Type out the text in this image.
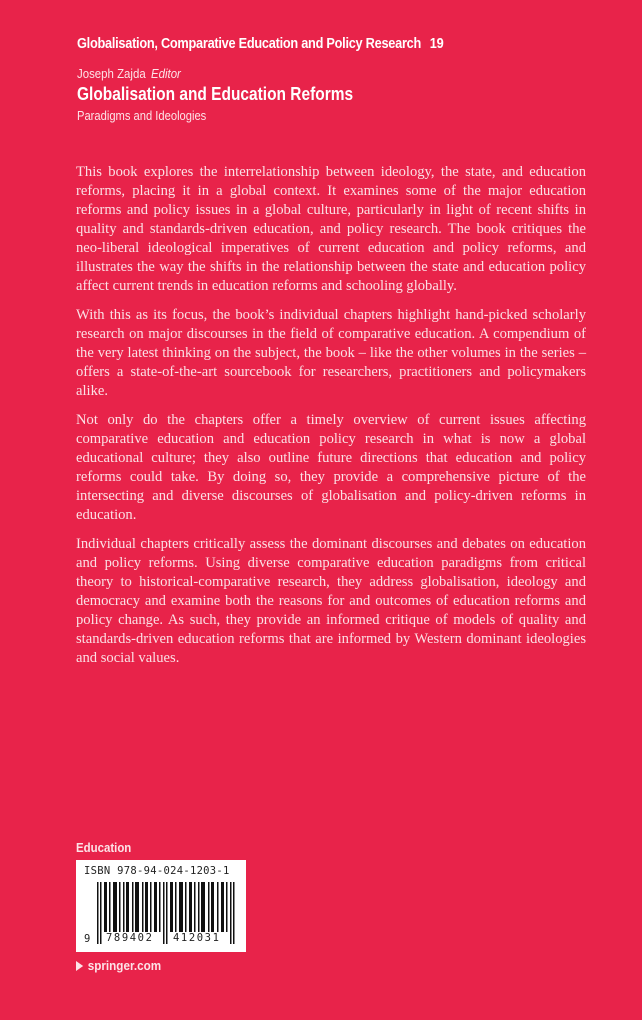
Globalisation, Comparative Education and Policy Research 19
Joseph Zajda Editor
Globalisation and Education Reforms
Paradigms and Ideologies

This book explores the interrelationship between ideology, the state, and education reforms, placing it in a global context. It examines some of the major education reforms and policy issues in a global culture, particularly in light of recent shifts in quality and standards-driven education, and policy research. The book critiques the neo-liberal ideological imperatives of current education and policy reforms, and illustrates the way the shifts in the relationship between the state and education policy affect current trends in education reforms and schooling globally.

With this as its focus, the book’s individual chapters highlight hand-picked scholarly research on major discourses in the field of comparative education. A compendium of the very latest thinking on the subject, the book – like the other volumes in the series – offers a state-of-the-art sourcebook for researchers, practitioners and policymakers alike.

Not only do the chapters offer a timely overview of current issues affecting comparative education and education policy research in what is now a global educational culture; they also outline future directions that education and policy reforms could take. By doing so, they provide a comprehensive picture of the intersecting and diverse discourses of globalisation and policy-driven reforms in education.

Individual chapters critically assess the dominant discourses and debates on education and policy reforms. Using diverse comparative education paradigms from critical theory to historical-comparative research, they address globalisation, ideology and democracy and examine both the reasons for and outcomes of education reforms and policy change. As such, they provide an informed critique of models of quality and standards-driven education reforms that are informed by Western dominant ideologies and social values.

Education
ISBN 978-94-024-1203-1
9 789402 412031
springer.com
